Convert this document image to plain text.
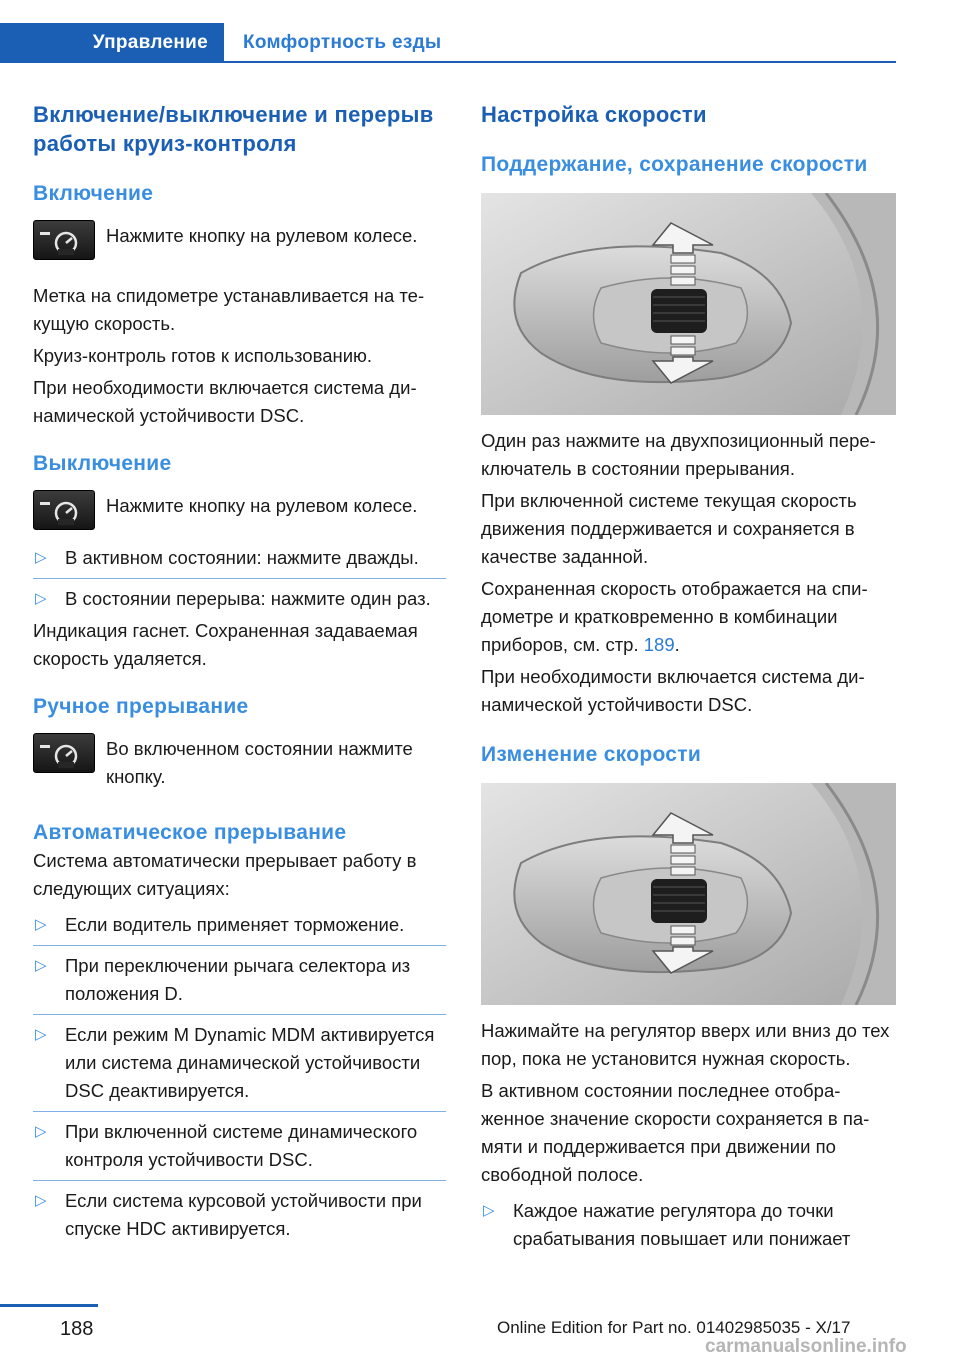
Управление	Комфортность езды
Включение/выключение и перерыв работы круиз-контроля
Включение
Нажмите кнопку на рулевом колесе.
Метка на спидометре устанавливается на текущую скорость.
Круиз-контроль готов к использованию.
При необходимости включается система динамической устойчивости DSC.
Выключение
Нажмите кнопку на рулевом колесе.
▷ В активном состоянии: нажмите дважды.
▷ В состоянии перерыва: нажмите один раз.
Индикация гаснет. Сохраненная задаваемая скорость удаляется.
Ручное прерывание
Во включенном состоянии нажмите кнопку.
Автоматическое прерывание
Система автоматически прерывает работу в следующих ситуациях:
▷ Если водитель применяет торможение.
▷ При переключении рычага селектора из положения D.
▷ Если режим M Dynamic MDM активируется или система динамической устойчивости DSC деактивируется.
▷ При включенной системе динамического контроля устойчивости DSC.
▷ Если система курсовой устойчивости при спуске HDC активируется.
Настройка скорости
Поддержание, сохранение скорости
Один раз нажмите на двухпозиционный переключатель в состоянии прерывания.
При включенной системе текущая скорость движения поддерживается и сохраняется в качестве заданной.
Сохраненная скорость отображается на спидометре и кратковременно в комбинации приборов, см. стр. 189.
При необходимости включается система динамической устойчивости DSC.
Изменение скорости
Нажимайте на регулятор вверх или вниз до тех пор, пока не установится нужная скорость.
В активном состоянии последнее отображенное значение скорости сохраняется в памяти и поддерживается при движении по свободной полосе.
▷ Каждое нажатие регулятора до точки срабатывания повышает или понижает
188	Online Edition for Part no. 01402985035 - X/17
carmanualsonline.info
